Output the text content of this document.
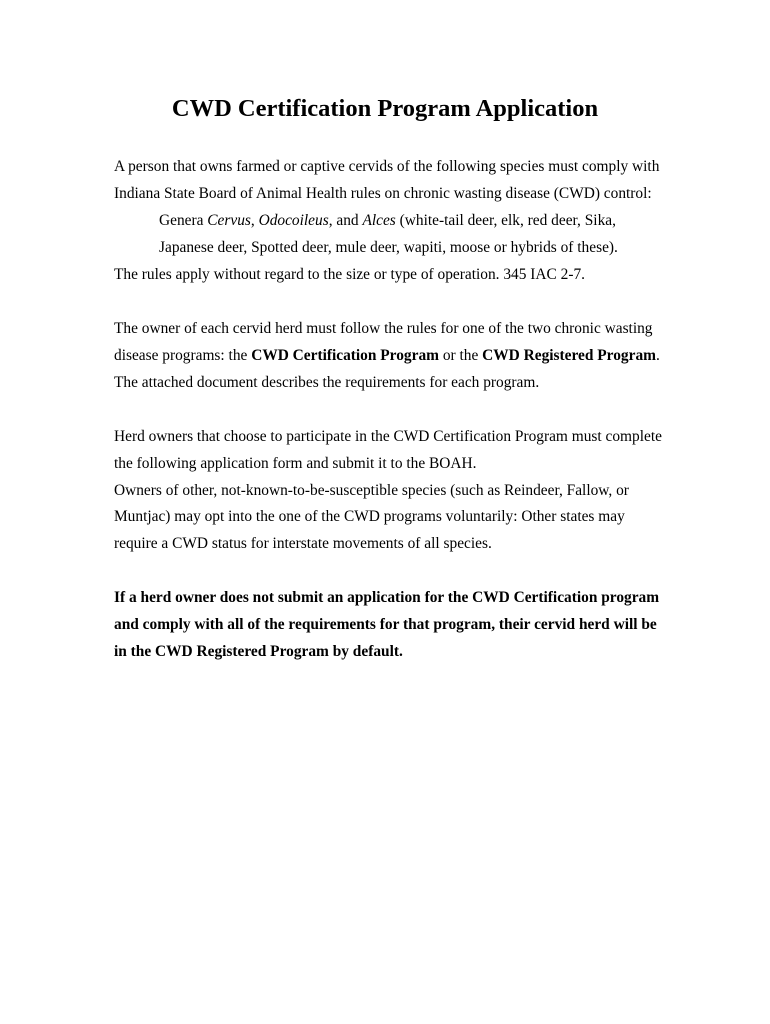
CWD Certification Program Application

A person that owns farmed or captive cervids of the following species must comply with

Indiana State Board of Animal Health rules on chronic wasting disease (CWD) control:

Genera Cervus, Odocoileus, and Alces (white-tail deer, elk, red deer, Sika,

Japanese deer, Spotted deer, mule deer, wapiti, moose or hybrids of these).

The rules apply without regard to the size or type of operation. 345 IAC 2-7.

The owner of each cervid herd must follow the rules for one of the two chronic wasting

disease programs: the CWD Certification Program or the CWD Registered Program.

The attached document describes the requirements for each program.

Herd owners that choose to participate in the CWD Certification Program must complete

the following application form and submit it to the BOAH.

Owners of other, not-known-to-be-susceptible species (such as Reindeer, Fallow, or

Muntjac) may opt into the one of the CWD programs voluntarily: Other states may

require a CWD status for interstate movements of all species.

If a herd owner does not submit an application for the CWD Certification program

and comply with all of the requirements for that program, their cervid herd will be

in the CWD Registered Program by default.
